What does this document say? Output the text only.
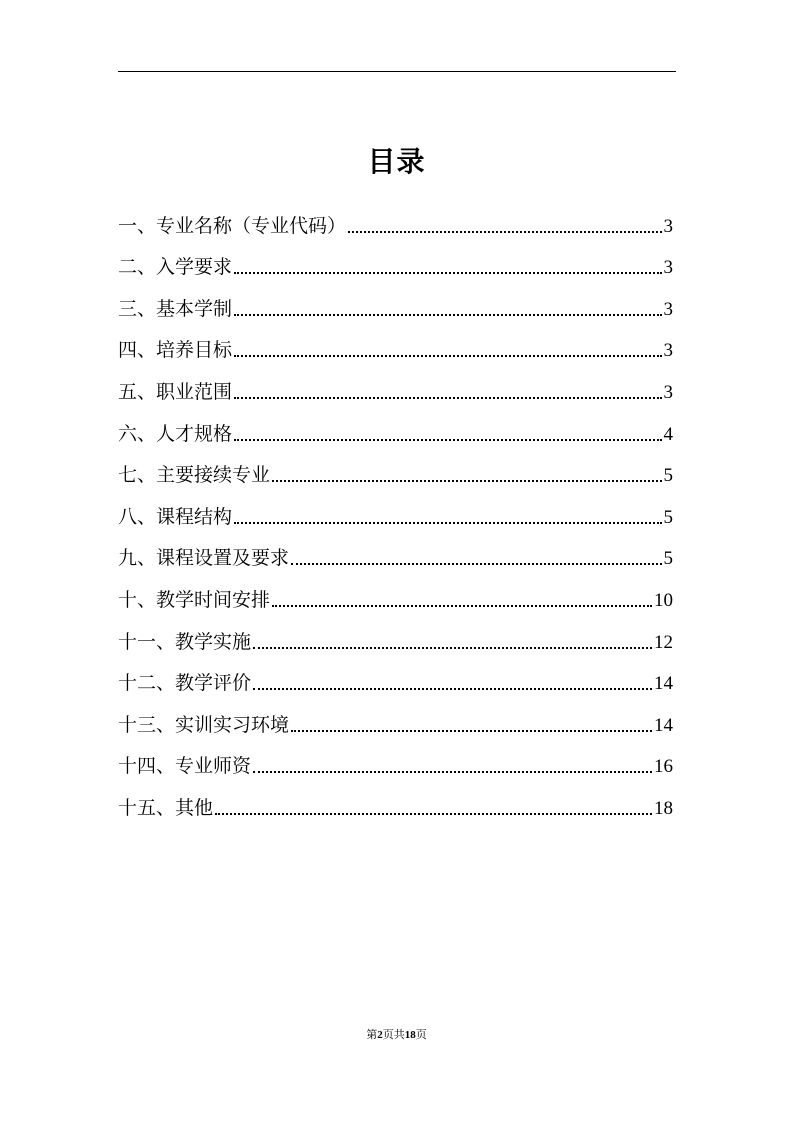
目录
一、专业名称（专业代码）	3
二、入学要求	3
三、基本学制	3
四、培养目标	3
五、职业范围	3
六、人才规格	4
七、主要接续专业	5
八、课程结构	5
九、课程设置及要求	5
十、教学时间安排	10
十一、教学实施	12
十二、教学评价	14
十三、实训实习环境	14
十四、专业师资	16
十五、其他	18
第2页共18页
